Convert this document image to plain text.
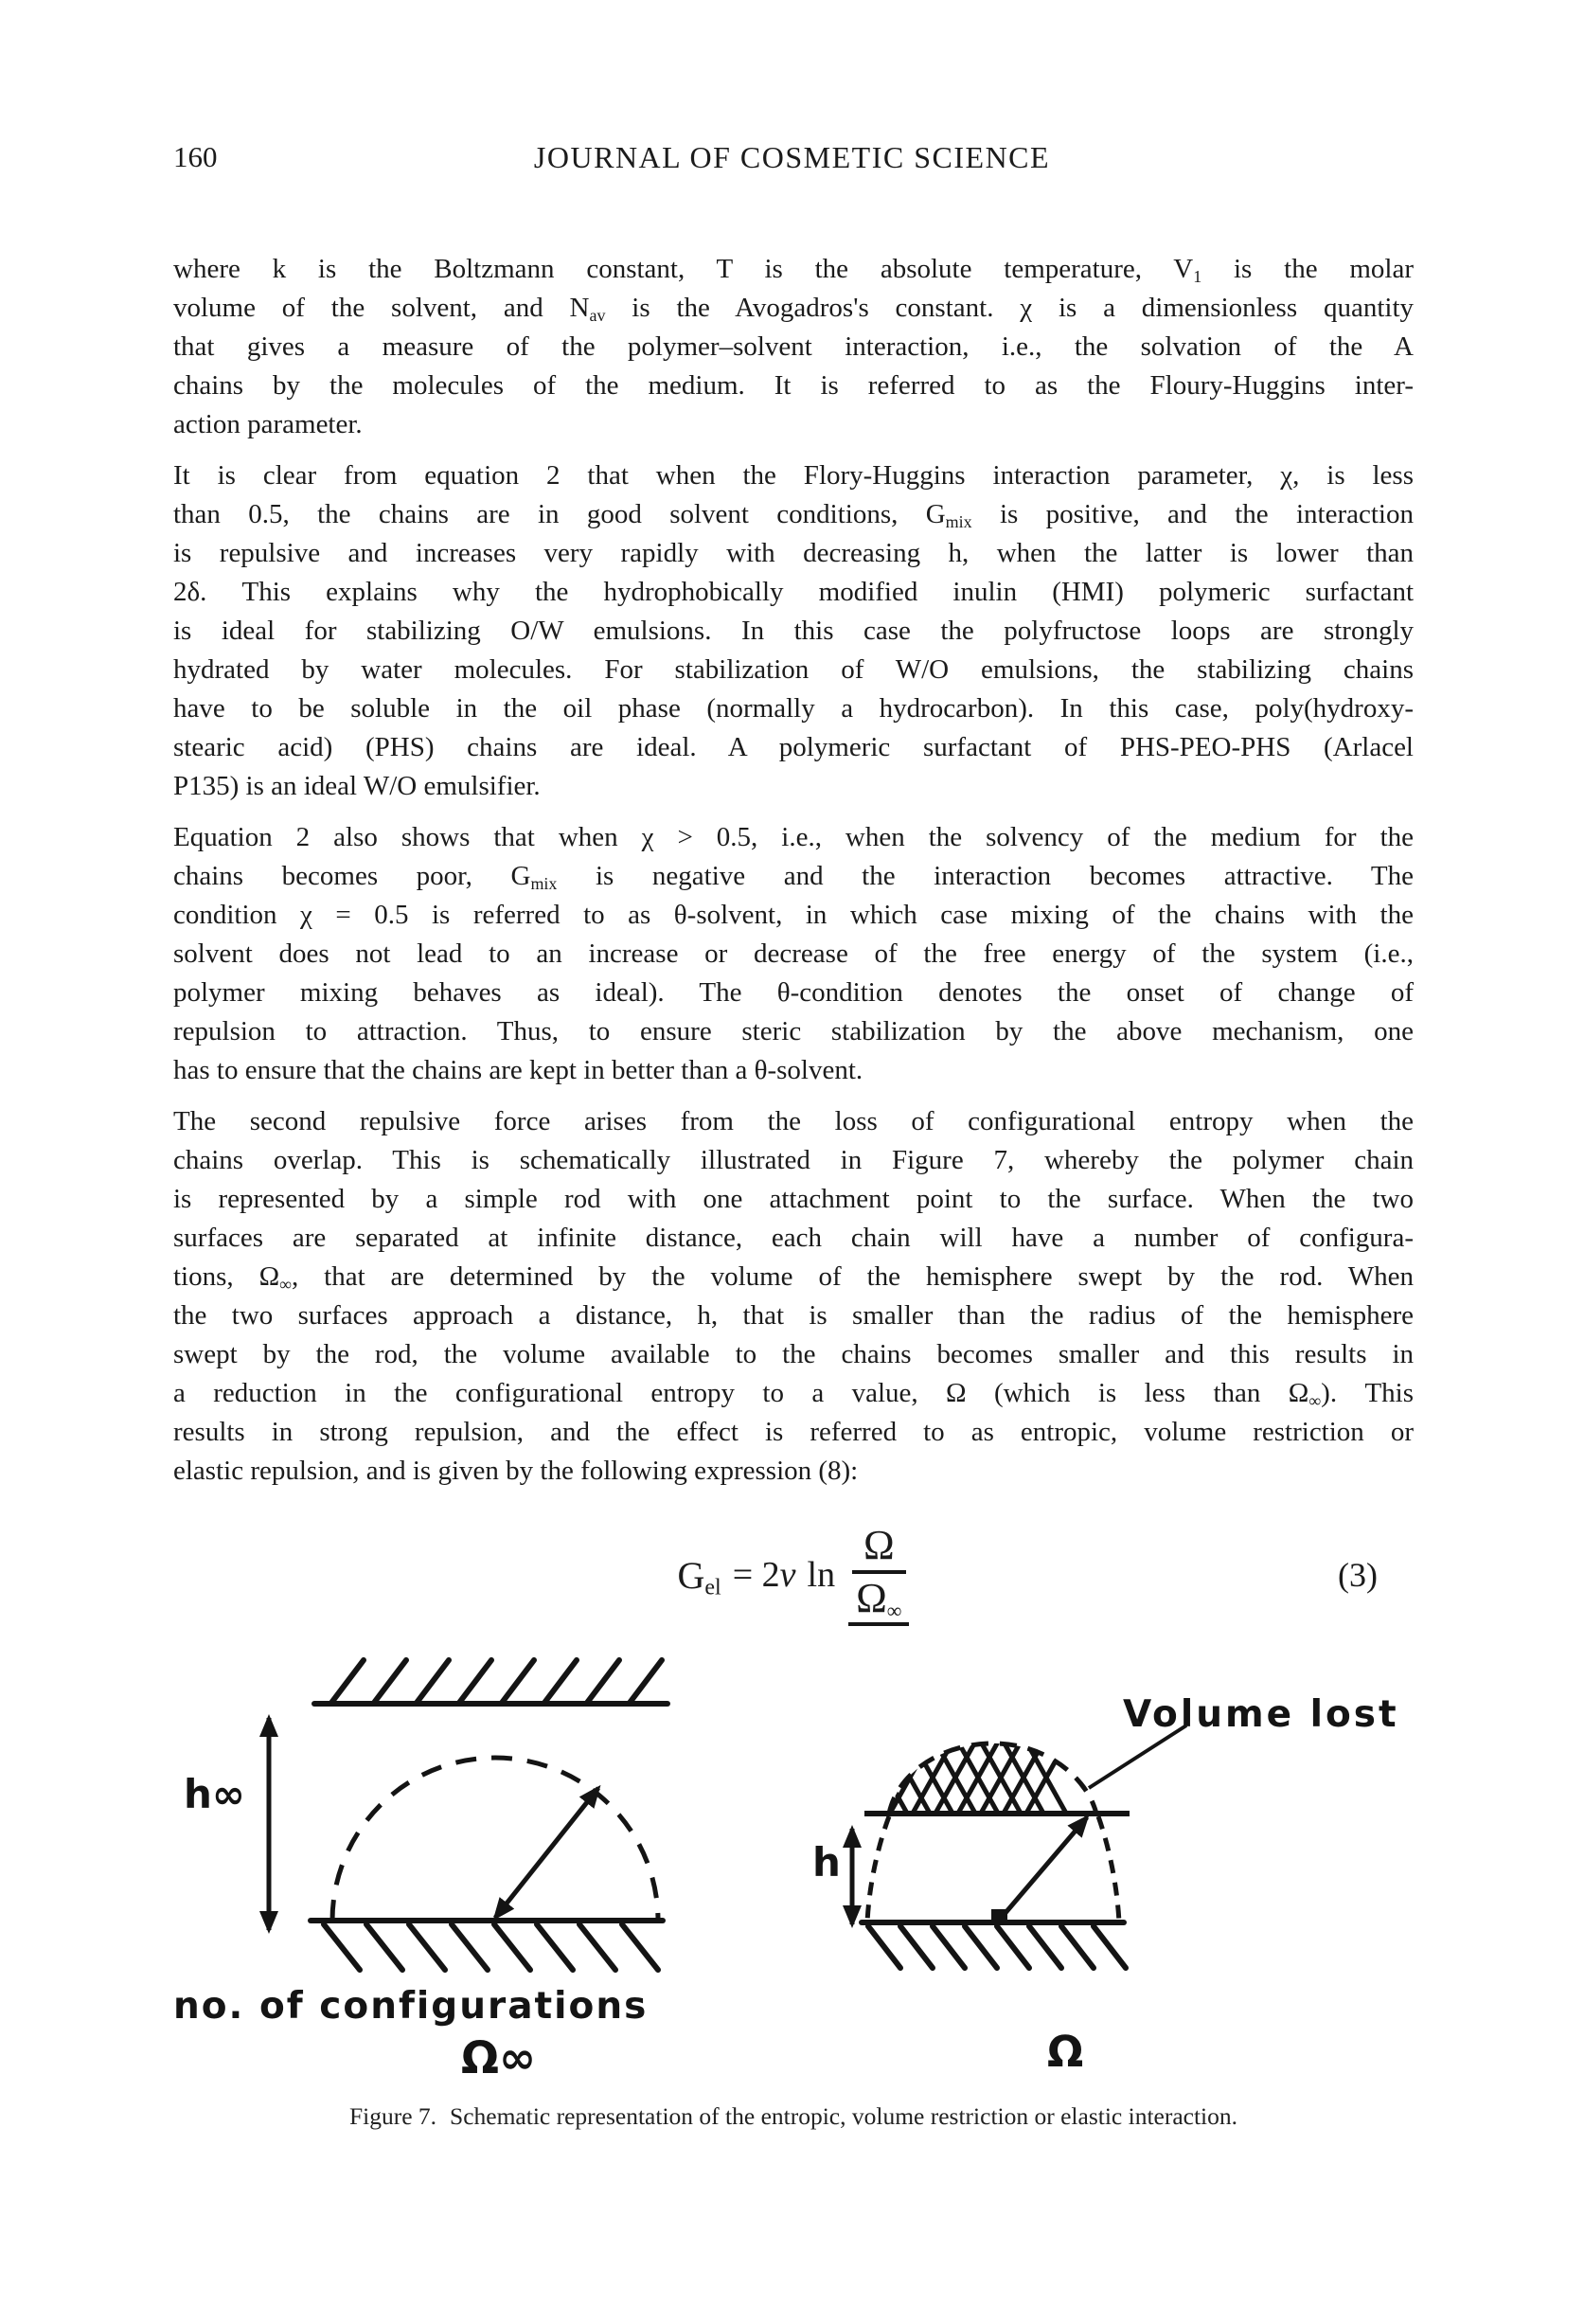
160	JOURNAL OF COSMETIC SCIENCE
where k is the Boltzmann constant, T is the absolute temperature, $V_1$ is the molar
volume of the solvent, and $N_{av}$ is the Avogadros's constant. χ is a dimensionless quantity
that gives a measure of the polymer–solvent interaction, i.e., the solvation of the A
chains by the molecules of the medium. It is referred to as the Floury-Huggins inter-
action parameter.
It is clear from equation 2 that when the Flory-Huggins interaction parameter, χ, is less
than 0.5, the chains are in good solvent conditions, $G_{mix}$ is positive, and the interaction
is repulsive and increases very rapidly with decreasing h, when the latter is lower than
2δ. This explains why the hydrophobically modified inulin (HMI) polymeric surfactant
is ideal for stabilizing O/W emulsions. In this case the polyfructose loops are strongly
hydrated by water molecules. For stabilization of W/O emulsions, the stabilizing chains
have to be soluble in the oil phase (normally a hydrocarbon). In this case, poly(hydroxy-
stearic acid) (PHS) chains are ideal. A polymeric surfactant of PHS-PEO-PHS (Arlacel
P135) is an ideal W/O emulsifier.
Equation 2 also shows that when χ > 0.5, i.e., when the solvency of the medium for the
chains becomes poor, $G_{mix}$ is negative and the interaction becomes attractive. The
condition χ = 0.5 is referred to as θ-solvent, in which case mixing of the chains with the
solvent does not lead to an increase or decrease of the free energy of the system (i.e.,
polymer mixing behaves as ideal). The θ-condition denotes the onset of change of
repulsion to attraction. Thus, to ensure steric stabilization by the above mechanism, one
has to ensure that the chains are kept in better than a θ-solvent.
The second repulsive force arises from the loss of configurational entropy when the
chains overlap. This is schematically illustrated in Figure 7, whereby the polymer chain
is represented by a simple rod with one attachment point to the surface. When the two
surfaces are separated at infinite distance, each chain will have a number of configura-
tions, $\Omega_\infty$, that are determined by the volume of the hemisphere swept by the rod. When
the two surfaces approach a distance, h, that is smaller than the radius of the hemisphere
swept by the rod, the volume available to the chains becomes smaller and this results in
a reduction in the configurational entropy to a value, Ω (which is less than $\Omega_\infty$). This
results in strong repulsion, and the effect is referred to as entropic, volume restriction or
elastic repulsion, and is given by the following expression (8):
$G_{el} = 2$ ν $\ln \frac{\Omega}{\Omega_\infty}$	(3)
h∞
h
Volume lost
no. of configurations
Ω∞	Ω
Figure 7. Schematic representation of the entropic, volume restriction or elastic interaction.
